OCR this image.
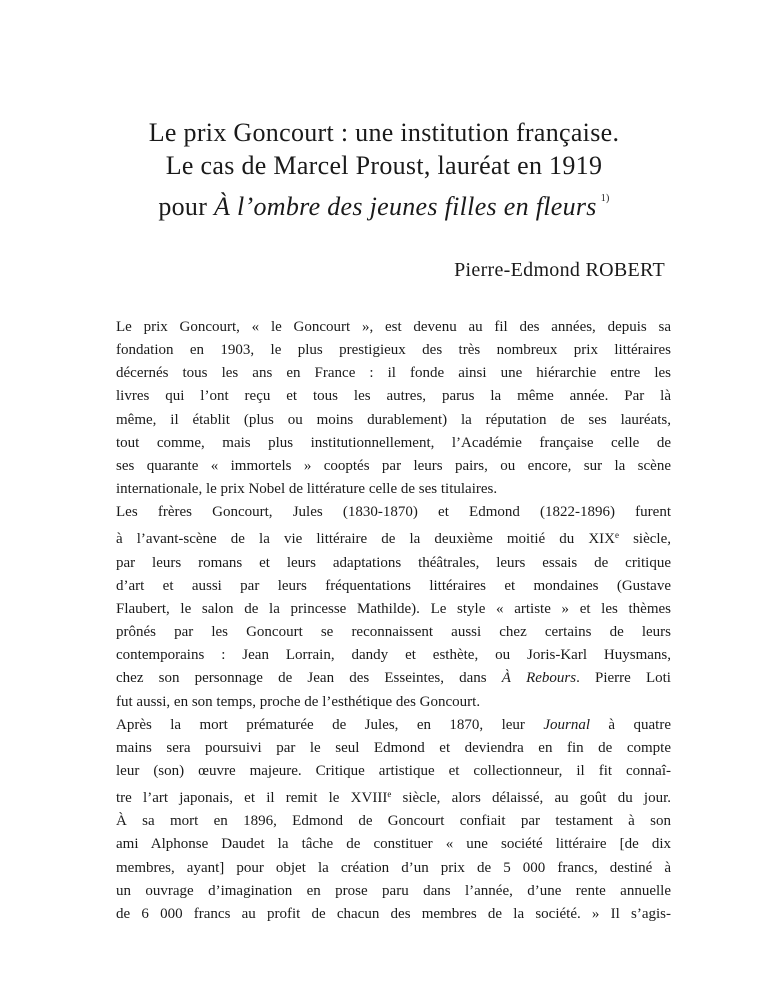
Le prix Goncourt : une institution française.
Le cas de Marcel Proust, lauréat en 1919
pour À l’ombre des jeunes filles en fleurs $^{1)}$
Pierre-Edmond ROBERT
Le prix Goncourt, « le Goncourt », est devenu au fil des années, depuis sa
fondation en 1903, le plus prestigieux des très nombreux prix littéraires
décernés tous les ans en France : il fonde ainsi une hiérarchie entre les
livres qui l’ont reçu et tous les autres, parus la même année. Par là
même, il établit (plus ou moins durablement) la réputation de ses lauréats,
tout comme, mais plus institutionnellement, l’Académie française celle de
ses quarante « immortels » cooptés par leurs pairs, ou encore, sur la scène
internationale, le prix Nobel de littérature celle de ses titulaires.
Les frères Goncourt, Jules (1830-1870) et Edmond (1822-1896) furent
à l’avant-scène de la vie littéraire de la deuxième moitié du XIXe siècle,
par leurs romans et leurs adaptations théâtrales, leurs essais de critique
d’art et aussi par leurs fréquentations littéraires et mondaines (Gustave
Flaubert, le salon de la princesse Mathilde). Le style « artiste » et les thèmes
prônés par les Goncourt se reconnaissent aussi chez certains de leurs
contemporains : Jean Lorrain, dandy et esthète, ou Joris-Karl Huysmans,
chez son personnage de Jean des Esseintes, dans À Rebours. Pierre Loti
fut aussi, en son temps, proche de l’esthétique des Goncourt.
Après la mort prématurée de Jules, en 1870, leur Journal à quatre
mains sera poursuivi par le seul Edmond et deviendra en fin de compte
leur (son) œuvre majeure. Critique artistique et collectionneur, il fit connaî-
tre l’art japonais, et il remit le XVIIIe siècle, alors délaissé, au goût du jour.
À sa mort en 1896, Edmond de Goncourt confiait par testament à son
ami Alphonse Daudet la tâche de constituer « une société littéraire [de dix
membres, ayant] pour objet la création d’un prix de 5 000 francs, destiné à
un ouvrage d’imagination en prose paru dans l’année, d’une rente annuelle
de 6 000 francs au profit de chacun des membres de la société. » Il s’agis-
